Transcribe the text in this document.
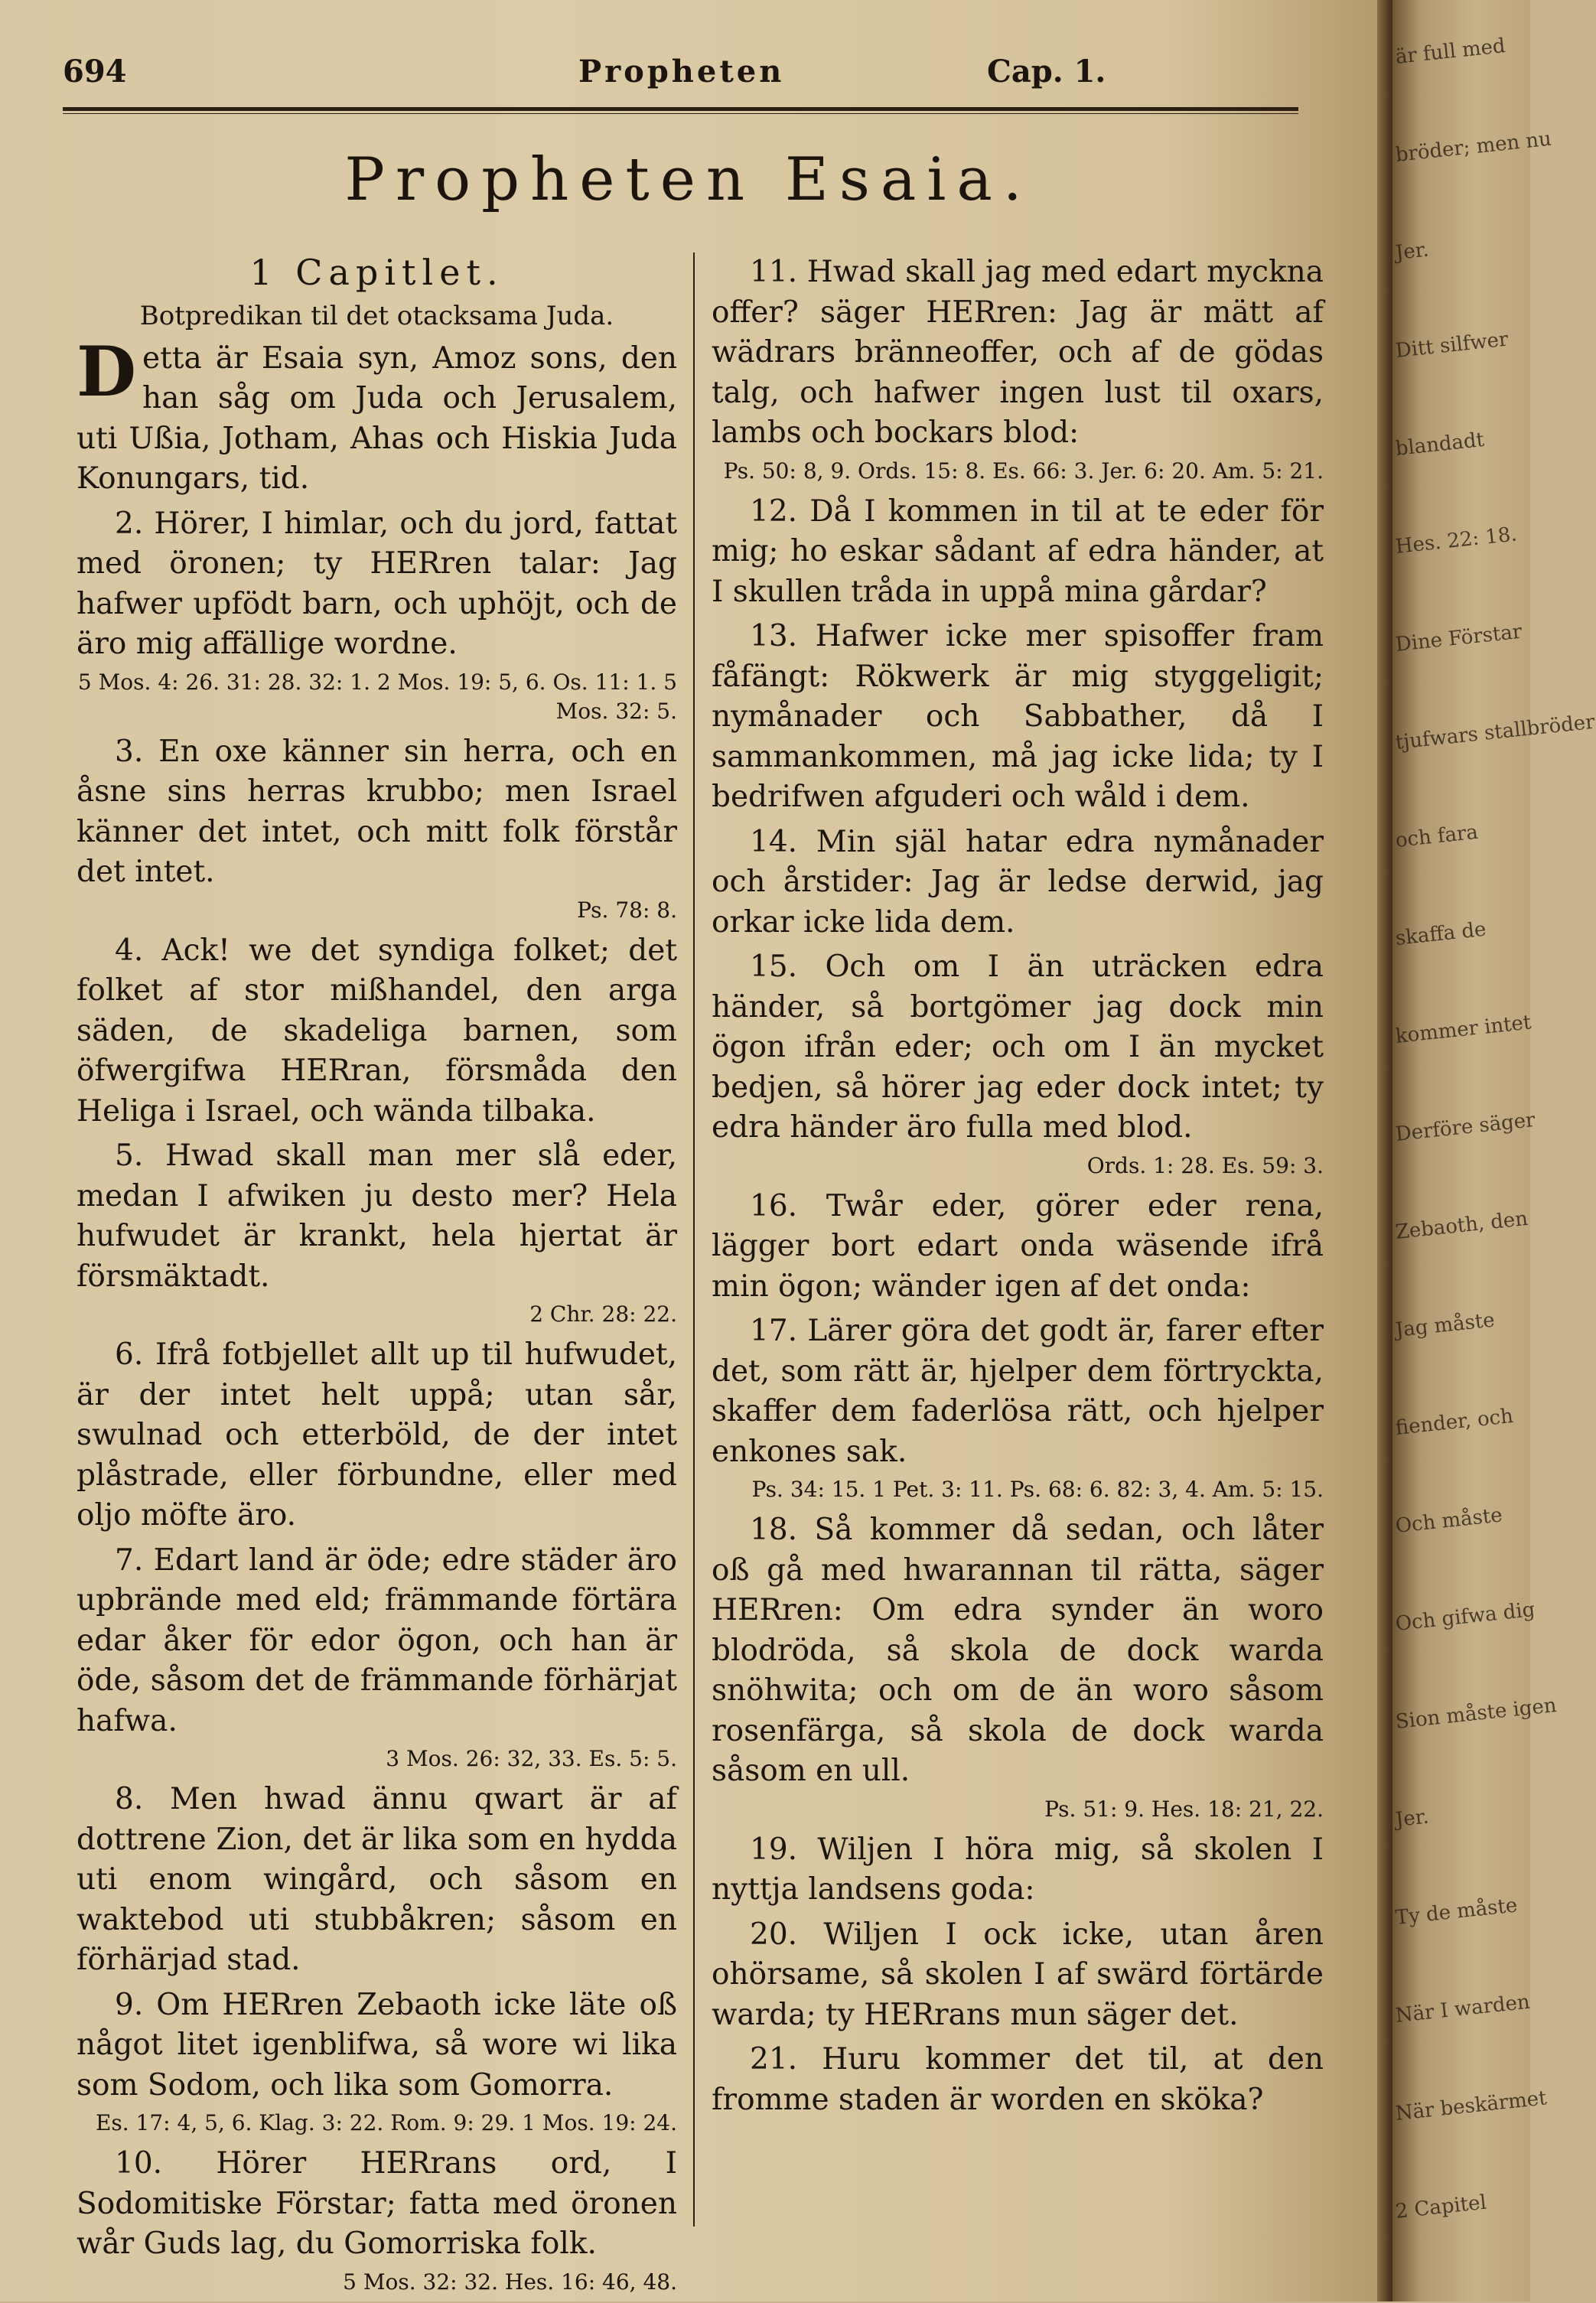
694	Propheten	Cap. 1.
Propheten Esaia.
1 Capitlet.
Botpredikan til det otacksama Juda.
Detta är Esaia syn, Amoz sons, den han såg om Juda och Jerusalem, uti Ußia, Jotham, Ahas och Hiskia Juda Konungars, tid.
2. Hörer, I himlar, och du jord, fattat med öronen; ty HERren talar: Jag hafwer upfödt barn, och uphöjt, och de äro mig affällige wordne.
5 Mos. 4: 26. 31: 28. 32: 1. 2 Mos. 19: 5, 6. Os. 11: 1. 5 Mos. 32: 5.
3. En oxe känner sin herra, och en åsne sins herras krubbo; men Israel känner det intet, och mitt folk förstår det intet.
Ps. 78: 8.
4. Ack! we det syndiga folket; det folket af stor mißhandel, den arga säden, de skadeliga barnen, som öfwergifwa HERran, försmåda den Heliga i Israel, och wända tilbaka.
5. Hwad skall man mer slå eder, medan I afwiken ju desto mer? Hela hufwudet är krankt, hela hjertat är försmäktadt.
2 Chr. 28: 22.
6. Ifrå fotbjellet allt up til hufwudet, är der intet helt uppå; utan sår, swulnad och etterböld, de der intet plåstrade, eller förbundne, eller med oljo möfte äro.
7. Edart land är öde; edre städer äro upbrände med eld; främmande förtära edar åker för edor ögon, och han är öde, såsom det de främmande förhärjat hafwa.
3 Mos. 26: 32, 33. Es. 5: 5.
8. Men hwad ännu qwart är af dottrene Zion, det är lika som en hydda uti enom wingård, och såsom en waktebod uti stubbåkren; såsom en förhärjad stad.
9. Om HERren Zebaoth icke läte oß något litet igenblifwa, så wore wi lika som Sodom, och lika som Gomorra.
Es. 17: 4, 5, 6. Klag. 3: 22. Rom. 9: 29. 1 Mos. 19: 24.
10. Hörer HERrans ord, I Sodomitiske Förstar; fatta med öronen wår Guds lag, du Gomorriska folk.
5 Mos. 32: 32. Hes. 16: 46, 48.
11. Hwad skall jag med edart myckna offer? säger HERren: Jag är mätt af wädrars bränneoffer, och af de gödas talg, och hafwer ingen lust til oxars, lambs och bockars blod:
Ps. 50: 8, 9. Ords. 15: 8. Es. 66: 3. Jer. 6: 20. Am. 5: 21.
12. Då I kommen in til at te eder för mig; ho eskar sådant af edra händer, at I skullen tråda in uppå mina gårdar?
13. Hafwer icke mer spisoffer fram fåfängt: Rökwerk är mig styggeligit; nymånader och Sabbather, då I sammankommen, må jag icke lida; ty I bedrifwen afguderi och wåld i dem.
14. Min själ hatar edra nymånader och årstider: Jag är ledse derwid, jag orkar icke lida dem.
15. Och om I än uträcken edra händer, så bortgömer jag dock min ögon ifrån eder; och om I än mycket bedjen, så hörer jag eder dock intet; ty edra händer äro fulla med blod.
Ords. 1: 28. Es. 59: 3.
16. Twår eder, görer eder rena, lägger bort edart onda wäsende ifrå min ögon; wänder igen af det onda:
17. Lärer göra det godt är, farer efter det, som rätt är, hjelper dem förtryckta, skaffer dem faderlösa rätt, och hjelper enkones sak.
Ps. 34: 15. 1 Pet. 3: 11. Ps. 68: 6. 82: 3, 4. Am. 5: 15.
18. Så kommer då sedan, och låter oß gå med hwarannan til rätta, säger HERren: Om edra synder än woro blodröda, så skola de dock warda snöhwita; och om de än woro såsom rosenfärga, så skola de dock warda såsom en ull.
Ps. 51: 9. Hes. 18: 21, 22.
19. Wiljen I höra mig, så skolen I nyttja landsens goda:
20. Wiljen I ock icke, utan åren ohörsame, så skolen I af swärd förtärde warda; ty HERrans mun säger det.
21. Huru kommer det til, at den fromme staden är worden en sköka?
är full med
bröder; men nu
Jer.
Ditt silfwer
blandadt
Hes. 22: 18.
Dine Förstar
tjufwars stallbröder
och fara
skaffa de
kommer intet
Derföre säger
Zebaoth, den
Jag måste
fiender, och
Och måste
Och gifwa dig
Sion måste igen
Jer.
Ty de måste
När I warden
När beskärmet
2 Capitel
